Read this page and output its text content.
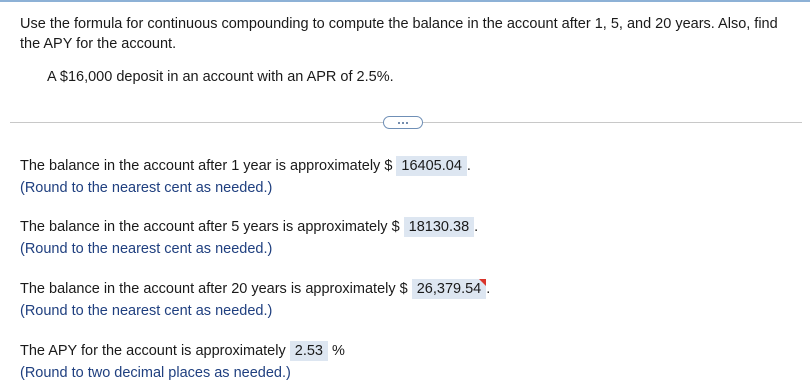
Use the formula for continuous compounding to compute the balance in the account after 1, 5, and 20 years. Also, find the APY for the account.
A $16,000 deposit in an account with an APR of 2.5%.
The balance in the account after 1 year is approximately $ 16405.04 .
(Round to the nearest cent as needed.)
The balance in the account after 5 years is approximately $ 18130.38 .
(Round to the nearest cent as needed.)
The balance in the account after 20 years is approximately $ 26,379.54 .
(Round to the nearest cent as needed.)
The APY for the account is approximately 2.53 %
(Round to two decimal places as needed.)
